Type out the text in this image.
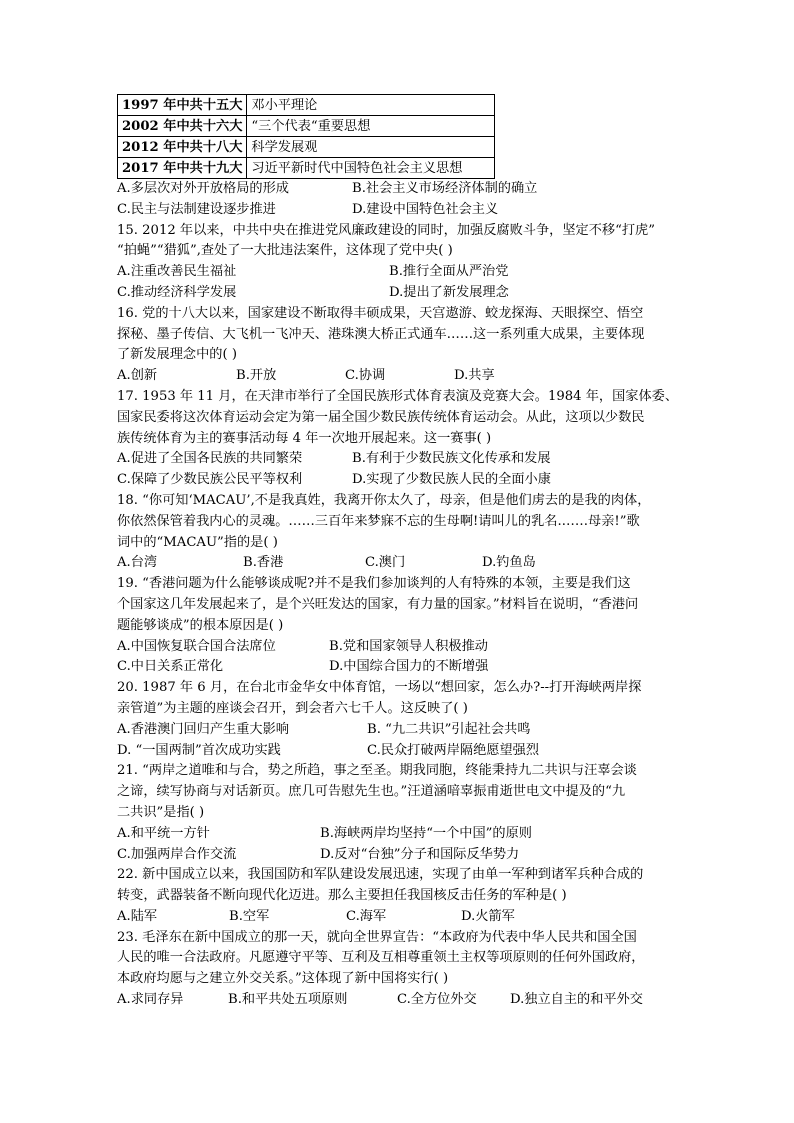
1997 年中共十五大	邓小平理论
2002 年中共十六大	“三个代表“重要思想
2012 年中共十八大	科学发展观
2017 年中共十九大	习近平新时代中国特色社会主义思想
A.多层次对外开放格局的形成	B.社会主义市场经济体制的确立
C.民主与法制建设逐步推进	D.建设中国特色社会主义
15. 2012 年以来，中共中央在推进党风廉政建设的同时，加强反腐败斗争，坚定不移“打虎”
“拍蝇”“猎狐”,查处了一大批违法案件，这体现了党中央( )
A.注重改善民生福祉	B.推行全面从严治党
C.推动经济科学发展	D.提出了新发展理念
16. 党的十八大以来，国家建设不断取得丰硕成果，天宫遨游、蛟龙探海、天眼探空、悟空
探秘、墨子传信、大飞机一飞冲天、港珠澳大桥正式通车……这一系列重大成果，主要体现
了新发展理念中的( )
A.创新	B.开放	C.协调	D.共享
17. 1953 年 11 月，在天津市举行了全国民族形式体育表演及竞赛大会。1984 年，国家体委、
国家民委将这次体育运动会定为第一届全国少数民族传统体育运动会。从此，这项以少数民
族传统体育为主的赛事活动每 4 年一次地开展起来。这一赛事( )
A.促进了全国各民族的共同繁荣	B.有利于少数民族文化传承和发展
C.保障了少数民族公民平等权利	D.实现了少数民族人民的全面小康
18. “你可知‘MACAU’,不是我真姓，我离开你太久了，母亲，但是他们虏去的是我的肉体，
你依然保管着我内心的灵魂。……三百年来梦寐不忘的生母啊!请叫儿的乳名.……母亲!”歌
词中的“MACAU”指的是( )
A.台湾	B.香港	C.澳门	D.钓鱼岛
19. “香港问题为什么能够谈成呢?并不是我们参加谈判的人有特殊的本领，主要是我们这
个国家这几年发展起来了，是个兴旺发达的国家，有力量的国家。”材料旨在说明，“香港问
题能够谈成”的根本原因是( )
A.中国恢复联合国合法席位	B.党和国家领导人积极推动
C.中日关系正常化	D.中国综合国力的不断增强
20. 1987 年 6 月，在台北市金华女中体育馆，一场以“想回家，怎么办?--打开海峡两岸探
亲管道”为主题的座谈会召开，到会者六七千人。这反映了( )
A.香港澳门回归产生重大影响	B. “九二共识”引起社会共鸣
D. “一国两制”首次成功实践	C.民众打破两岸隔绝愿望强烈
21. “两岸之道唯和与合，势之所趋，事之至圣。期我同胞，终能秉持九二共识与汪辜会谈
之谛，续写协商与对话新页。庶几可告慰先生也。”汪道涵喑辜振甫逝世电文中提及的“九
二共识”是指( )
A.和平统一方针	B.海峡两岸均坚持“一个中国”的原则
C.加强两岸合作交流	D.反对“台独”分子和国际反华势力
22. 新中国成立以来，我国国防和军队建设发展迅速，实现了由单一军种到诸军兵种合成的
转变，武器装备不断向现代化迈进。那么主要担任我国核反击任务的军种是( )
A.陆军	B.空军	C.海军	D.火箭军
23. 毛泽东在新中国成立的那一天，就向全世界宣告：“本政府为代表中华人民共和国全国
人民的唯一合法政府。凡愿遵守平等、互利及互相尊重领土主权等项原则的任何外国政府，
本政府均愿与之建立外交关系。”这体现了新中国将实行( )
A.求同存异	B.和平共处五项原则	C.全方位外交	D.独立自主的和平外交
